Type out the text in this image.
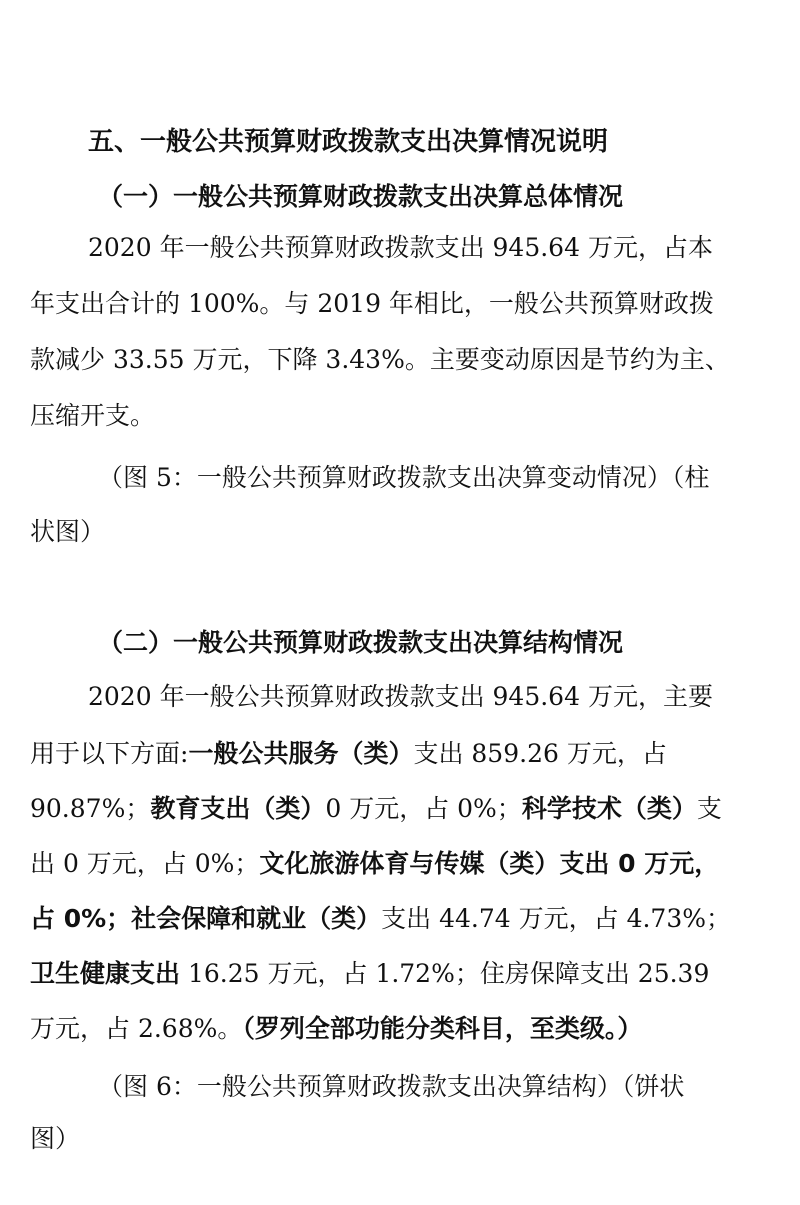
五、一般公共预算财政拨款支出决算情况说明
（一）一般公共预算财政拨款支出决算总体情况
2020 年一般公共预算财政拨款支出 945.64 万元，占本
年支出合计的 100%。与 2019 年相比，一般公共预算财政拨
款减少 33.55 万元，下降 3.43%。主要变动原因是节约为主、
压缩开支。
（图 5：一般公共预算财政拨款支出决算变动情况）（柱
状图）
（二）一般公共预算财政拨款支出决算结构情况
2020 年一般公共预算财政拨款支出 945.64 万元，主要
用于以下方面:一般公共服务（类）支出 859.26 万元，占
90.87%；教育支出（类）0 万元，占 0%；科学技术（类）支
出 0 万元，占 0%；文化旅游体育与传媒（类）支出 0 万元，
占 0%；社会保障和就业（类）支出 44.74 万元，占 4.73%；
卫生健康支出 16.25 万元，占 1.72%；住房保障支出 25.39
万元，占 2.68%。（罗列全部功能分类科目，至类级。）
（图 6：一般公共预算财政拨款支出决算结构）（饼状
图）
